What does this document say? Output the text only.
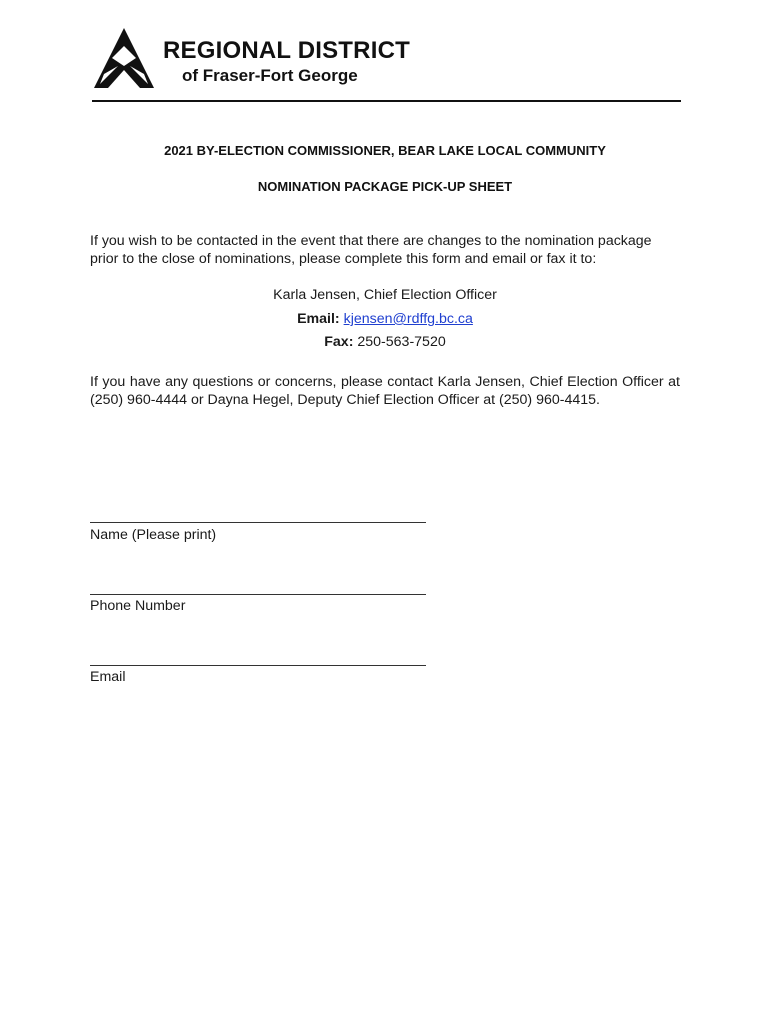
REGIONAL DISTRICT
of Fraser-Fort George
2021 BY-ELECTION COMMISSIONER, BEAR LAKE LOCAL COMMUNITY
NOMINATION PACKAGE PICK-UP SHEET
If you wish to be contacted in the event that there are changes to the nomination package prior to the close of nominations, please complete this form and email or fax it to:
Karla Jensen, Chief Election Officer
Email: kjensen@rdffg.bc.ca
Fax: 250-563-7520
If you have any questions or concerns, please contact Karla Jensen, Chief Election Officer at (250) 960-4444 or Dayna Hegel, Deputy Chief Election Officer at (250) 960-4415.
Name (Please print)
Phone Number
Email
